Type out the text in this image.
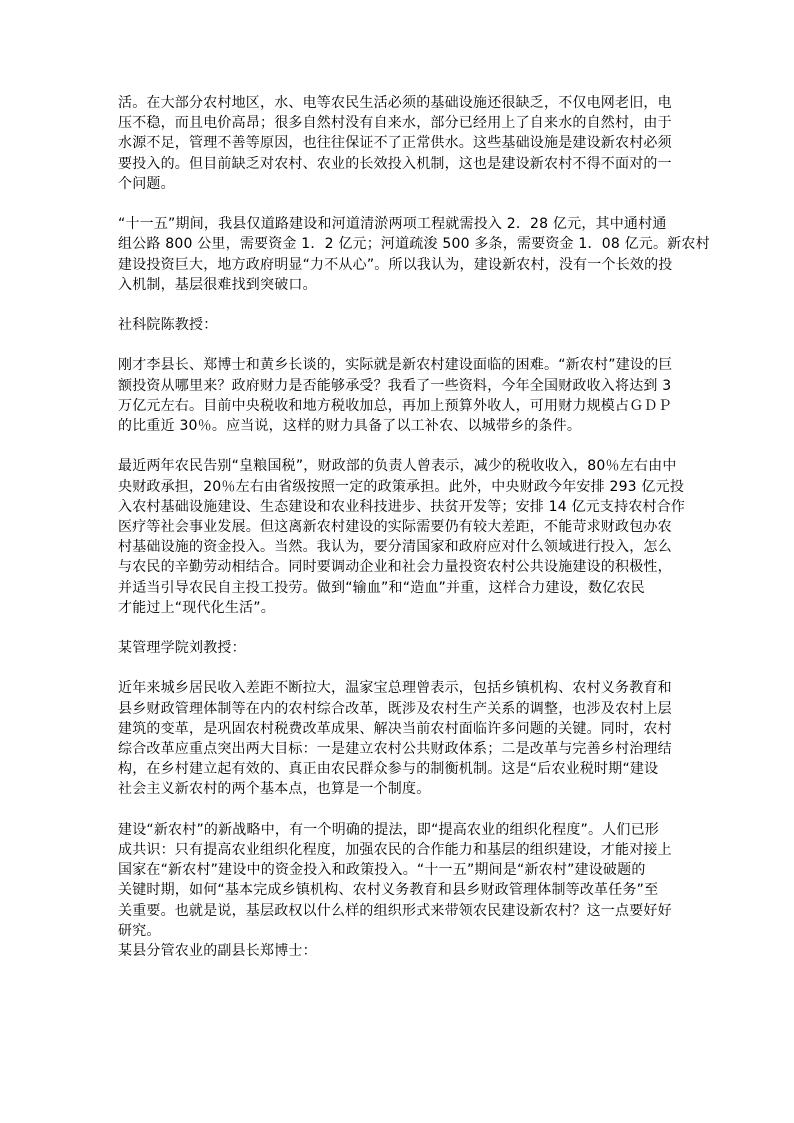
活。在大部分农村地区，水、电等农民生活必须的基础设施还很缺乏，不仅电网老旧，电
压不稳，而且电价高昂；很多自然村没有自来水，部分已经用上了自来水的自然村，由于
水源不足，管理不善等原因，也往往保证不了正常供水。这些基础设施是建设新农村必须
要投入的。但目前缺乏对农村、农业的长效投入机制，这也是建设新农村不得不面对的一
个问题。
“十一五”期间，我县仅道路建设和河道清淤两项工程就需投入 2．28 亿元，其中通村通
组公路 800 公里，需要资金 1．2 亿元；河道疏浚 500 多条，需要资金 1．08 亿元。新农村
建设投资巨大，地方政府明显“力不从心”。所以我认为，建设新农村，没有一个长效的投
入机制，基层很难找到突破口。
社科院陈教授：
刚才李县长、郑博士和黄乡长谈的，实际就是新农村建设面临的困难。“新农村”建设的巨
额投资从哪里来？政府财力是否能够承受？我看了一些资料，今年全国财政收入将达到 3
万亿元左右。目前中央税收和地方税收加总，再加上预算外收人，可用财力规模占ＧＤＰ
的比重近 30％。应当说，这样的财力具备了以工补农、以城带乡的条件。
最近两年农民告别“皇粮国税”，财政部的负责人曾表示，减少的税收收入，80％左右由中
央财政承担，20％左右由省级按照一定的政策承担。此外，中央财政今年安排 293 亿元投
入农村基础设施建设、生态建设和农业科技进步、扶贫开发等；安排 14 亿元支持农村合作
医疗等社会事业发展。但这离新农村建设的实际需要仍有较大差距，不能苛求财政包办农
村基础设施的资金投入。当然。我认为，要分清国家和政府应对什么领域进行投入，怎么
与农民的辛勤劳动相结合。同时要调动企业和社会力量投资农村公共设施建设的积极性，
并适当引导农民自主投工投劳。做到“输血”和“造血”并重，这样合力建设，数亿农民
才能过上“现代化生活”。
某管理学院刘教授：
近年来城乡居民收入差距不断拉大，温家宝总理曾表示，包括乡镇机构、农村义务教育和
县乡财政管理体制等在内的农村综合改革，既涉及农村生产关系的调整，也涉及农村上层
建筑的变革，是巩固农村税费改革成果、解决当前农村面临许多问题的关键。同时，农村
综合改革应重点突出两大目标：一是建立农村公共财政体系；二是改革与完善乡村治理结
构，在乡村建立起有效的、真正由农民群众参与的制衡机制。这是“后农业税时期“建设
社会主义新农村的两个基本点，也算是一个制度。
建设“新农村”的新战略中，有一个明确的提法，即“提高农业的组织化程度”。人们已形
成共识：只有提高农业组织化程度，加强农民的合作能力和基层的组织建设，才能对接上
国家在“新农村”建设中的资金投入和政策投入。“十一五”期间是“新农村”建设破题的
关键时期，如何“基本完成乡镇机构、农村义务教育和县乡财政管理体制等改革任务”至
关重要。也就是说，基层政权以什么样的组织形式来带领农民建设新农村？这一点要好好
研究。
某县分管农业的副县长郑博士：
